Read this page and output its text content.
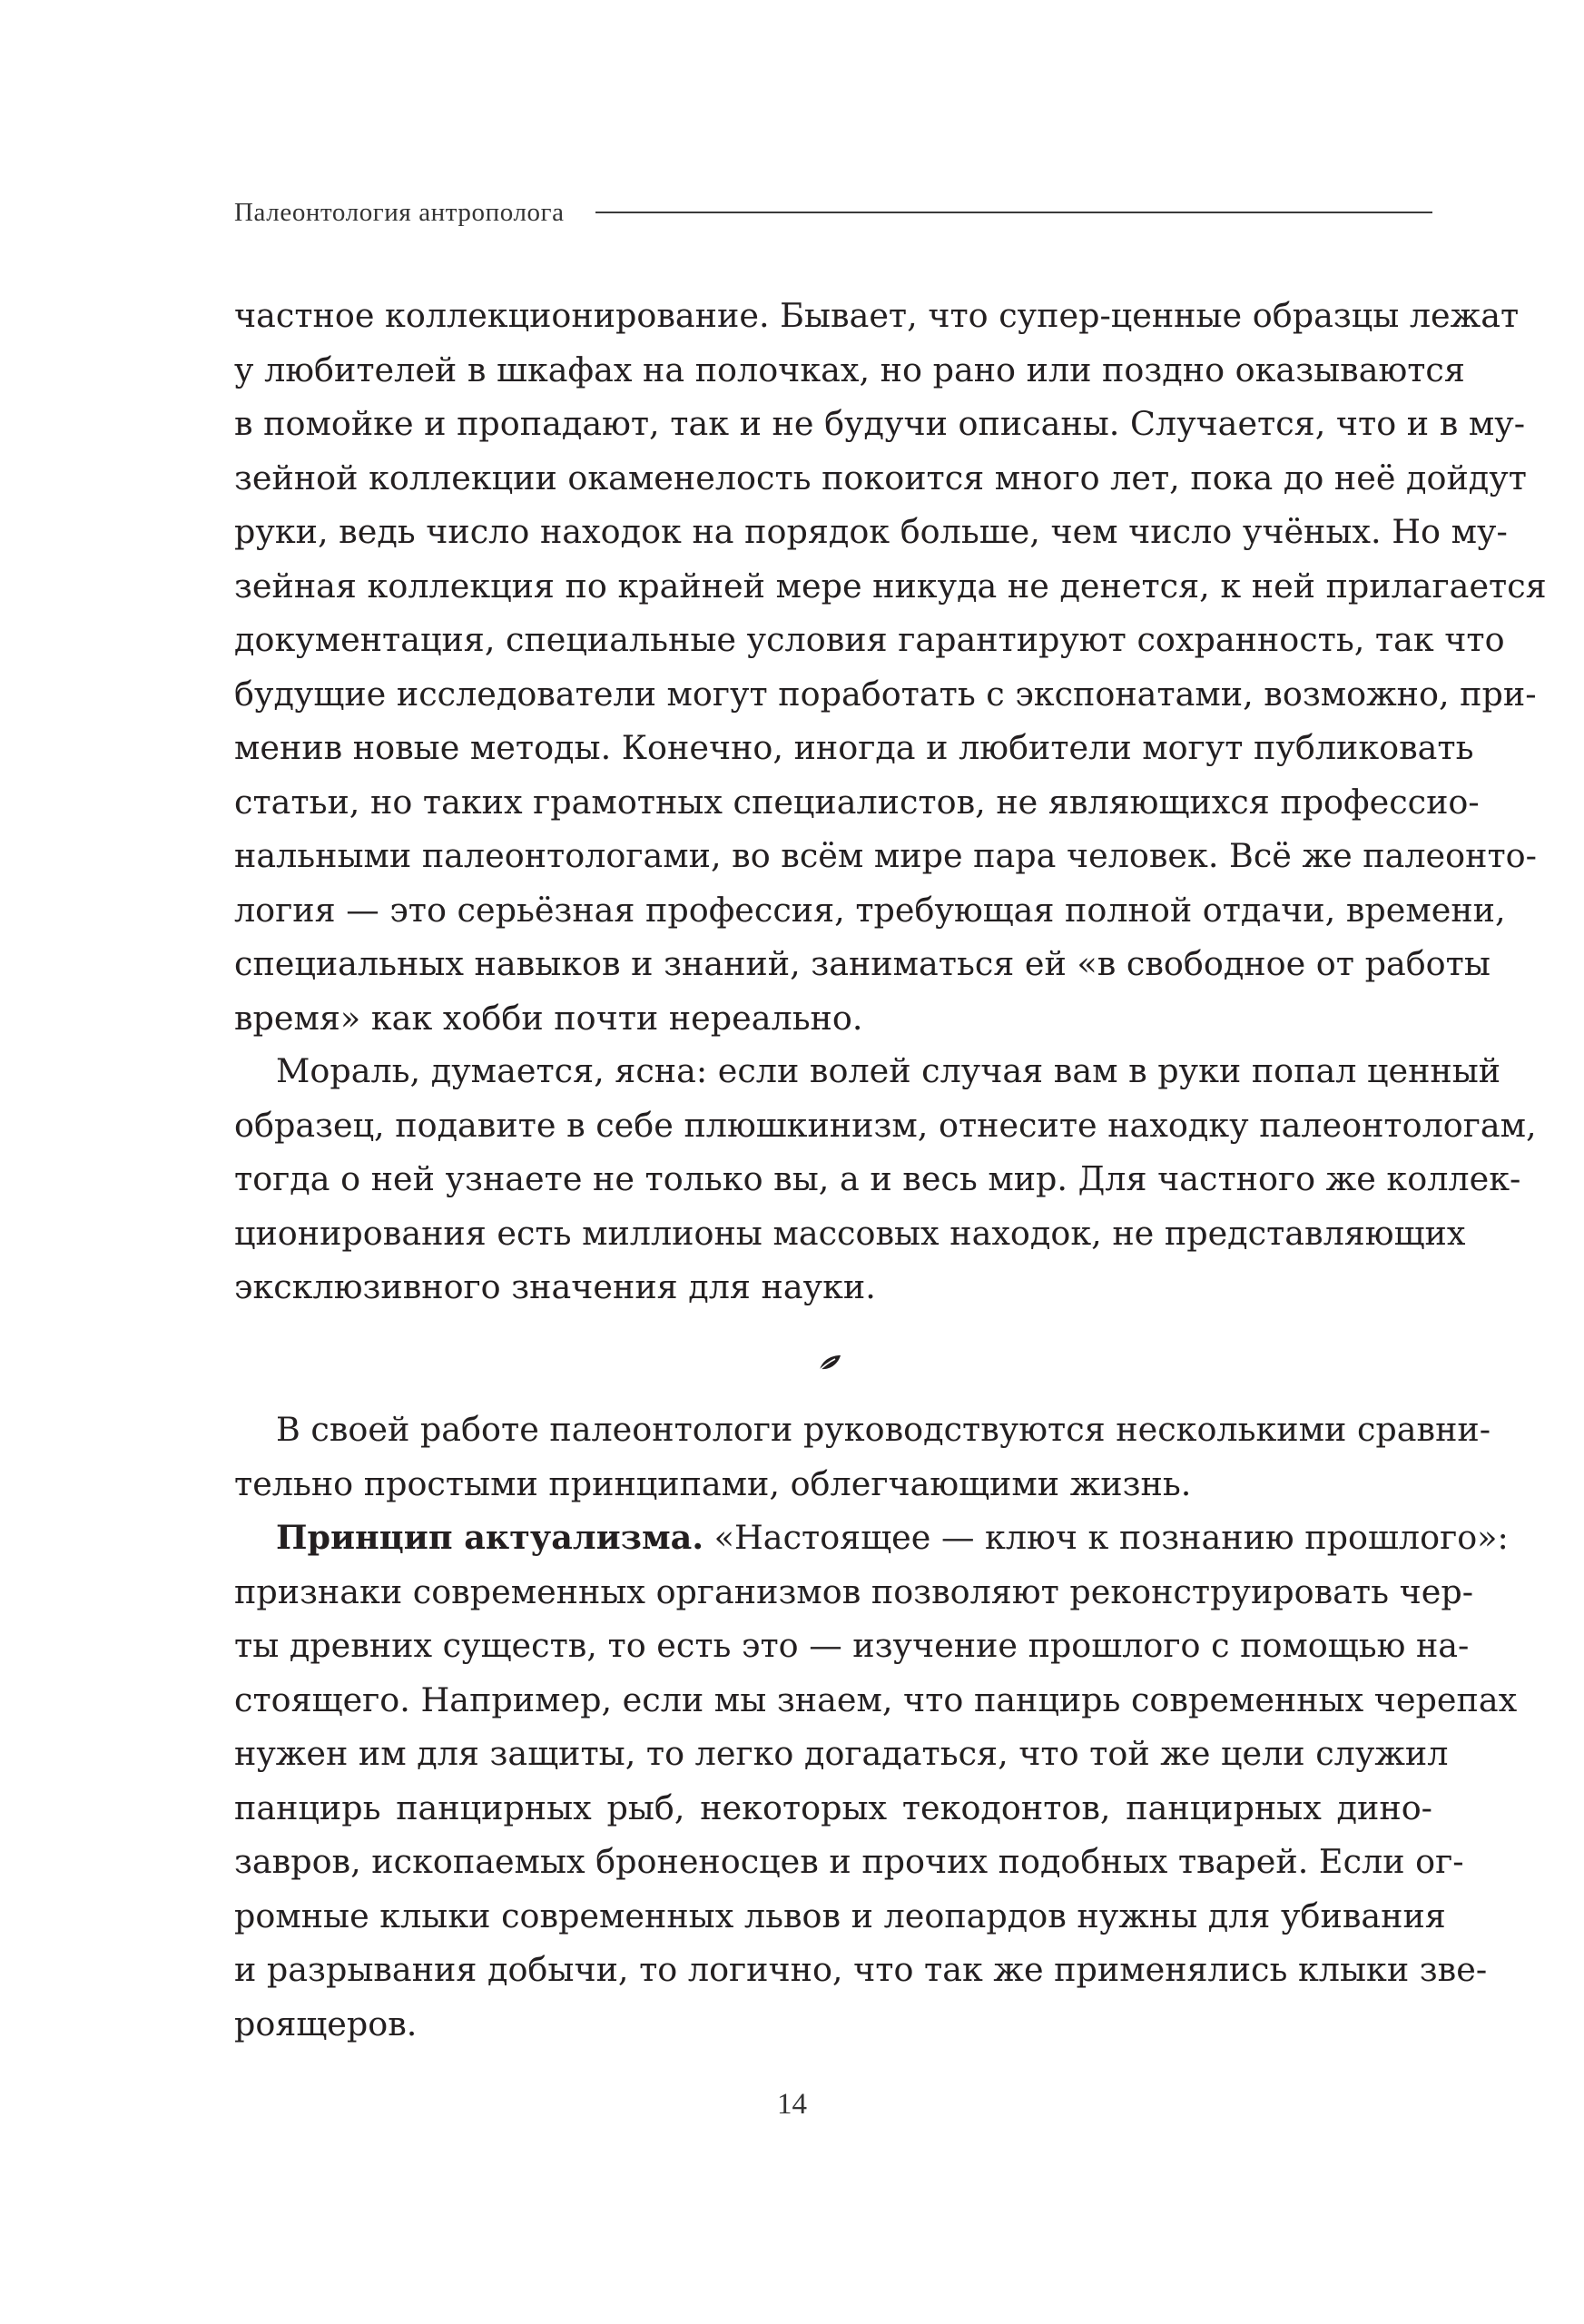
Палеонтология антрополога
частное коллекционирование. Бывает, что супер-ценные образцы лежат
у любителей в шкафах на полочках, но рано или поздно оказываются
в помойке и пропадают, так и не будучи описаны. Случается, что и в му-
зейной коллекции окаменелость покоится много лет, пока до неё дойдут
руки, ведь число находок на порядок больше, чем число учёных. Но му-
зейная коллекция по крайней мере никуда не денется, к ней прилагается
документация, специальные условия гарантируют сохранность, так что
будущие исследователи могут поработать с экспонатами, возможно, при-
менив новые методы. Конечно, иногда и любители могут публиковать
статьи, но таких грамотных специалистов, не являющихся профессио-
нальными палеонтологами, во всём мире пара человек. Всё же палеонто-
логия — это серьёзная профессия, требующая полной отдачи, времени,
специальных навыков и знаний, заниматься ей «в свободное от работы
время» как хобби почти нереально.
Мораль, думается, ясна: если волей случая вам в руки попал ценный
образец, подавите в себе плюшкинизм, отнесите находку палеонтологам,
тогда о ней узнаете не только вы, а и весь мир. Для частного же коллек-
ционирования есть миллионы массовых находок, не представляющих
эксклюзивного значения для науки.
В своей работе палеонтологи руководствуются несколькими сравни-
тельно простыми принципами, облегчающими жизнь.
Принцип актуализма. «Настоящее — ключ к познанию прошлого»:
признаки современных организмов позволяют реконструировать чер-
ты древних существ, то есть это — изучение прошлого с помощью на-
стоящего. Например, если мы знаем, что панцирь современных черепах
нужен им для защиты, то легко догадаться, что той же цели служил
панцирь панцирных рыб, некоторых текодонтов, панцирных дино-
завров, ископаемых броненосцев и прочих подобных тварей. Если ог-
ромные клыки современных львов и леопардов нужны для убивания
и разрывания добычи, то логично, что так же применялись клыки зве-
роящеров.
14
